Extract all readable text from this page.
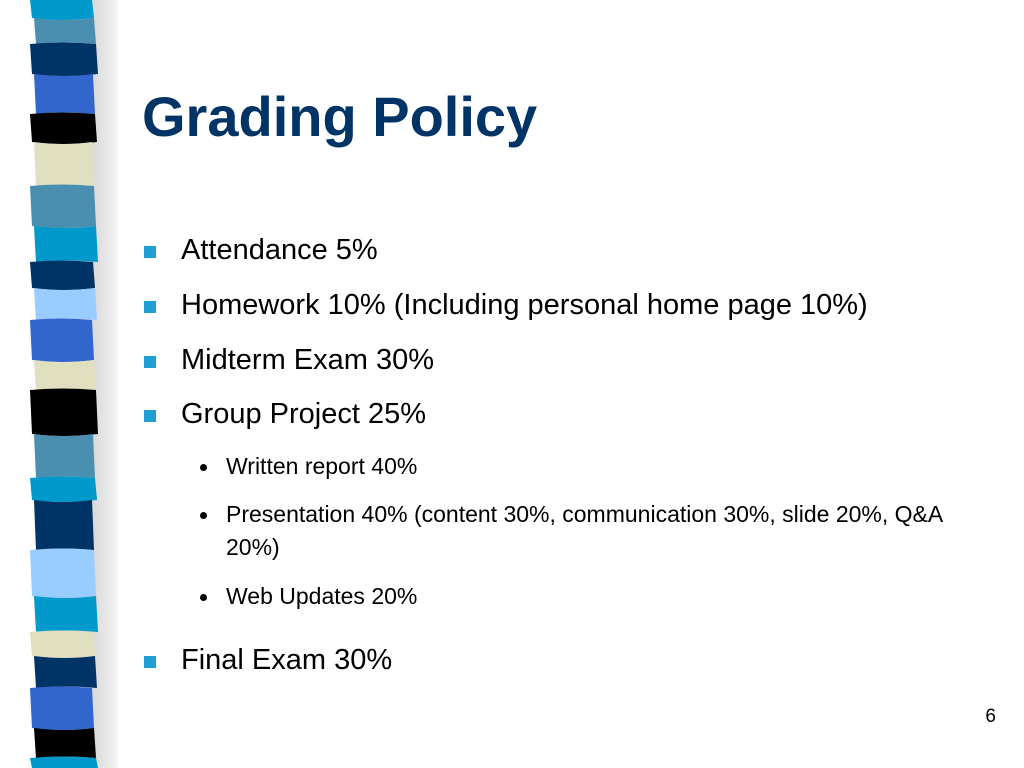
Grading Policy
Attendance 5%
Homework 10% (Including personal home page 10%)
Midterm Exam 30%
Group Project 25%
Written report 40%
Presentation 40% (content 30%, communication 30%, slide 20%, Q&A 20%)
Web Updates 20%
Final Exam 30%
6
